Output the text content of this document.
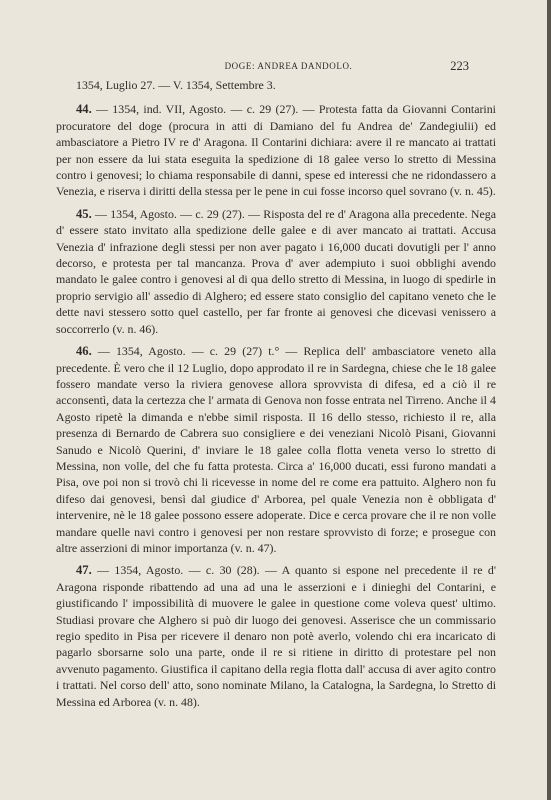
DOGE: ANDREA DANDOLO.	223

1354, Luglio 27. — V. 1354, Settembre 3.

44. — 1354, ind. VII, Agosto. — c. 29 (27). — Protesta fatta da Giovanni Contarini procuratore del doge (procura in atti di Damiano del fu Andrea de' Zandegiulii) ed ambasciatore a Pietro IV re d' Aragona. Il Contarini dichiara: avere il re mancato ai trattati per non essere da lui stata eseguita la spedizione di 18 galee verso lo stretto di Messina contro i genovesi; lo chiama responsabile di danni, spese ed interessi che ne ridondassero a Venezia, e riserva i diritti della stessa per le pene in cui fosse incorso quel sovrano (v. n. 45).

45. — 1354, Agosto. — c. 29 (27). — Risposta del re d' Aragona alla precedente. Nega d' essere stato invitato alla spedizione delle galee e di aver mancato ai trattati. Accusa Venezia d' infrazione degli stessi per non aver pagato i 16,000 ducati dovutigli per l' anno decorso, e protesta per tal mancanza. Prova d' aver adempiuto i suoi obblighi avendo mandato le galee contro i genovesi al di qua dello stretto di Messina, in luogo di spedirle in proprio servigio all' assedio di Alghero; ed essere stato consiglio del capitano veneto che le dette navi stessero sotto quel castello, per far fronte ai genovesi che dicevasi venissero a soccorrerlo (v. n. 46).

46. — 1354, Agosto. — c. 29 (27) t.° — Replica dell' ambasciatore veneto alla precedente. È vero che il 12 Luglio, dopo approdato il re in Sardegna, chiese che le 18 galee fossero mandate verso la riviera genovese allora sprovvista di difesa, ed a ciò il re acconsentì, data la certezza che l' armata di Genova non fosse entrata nel Tirreno. Anche il 4 Agosto ripetè la dimanda e n'ebbe simil risposta. Il 16 dello stesso, richiesto il re, alla presenza di Bernardo de Cabrera suo consigliere e dei veneziani Nicolò Pisani, Giovanni Sanudo e Nicolò Querini, d' inviare le 18 galee colla flotta veneta verso lo stretto di Messina, non volle, del che fu fatta protesta. Circa a' 16,000 ducati, essi furono mandati a Pisa, ove poi non si trovò chi li ricevesse in nome del re come era pattuito. Alghero non fu difeso dai genovesi, bensì dal giudice d' Arborea, pel quale Venezia non è obbligata d' intervenire, nè le 18 galee possono essere adoperate. Dice e cerca provare che il re non volle mandare quelle navi contro i genovesi per non restare sprovvisto di forze; e prosegue con altre asserzioni di minor importanza (v. n. 47).

47. — 1354, Agosto. — c. 30 (28). — A quanto si espone nel precedente il re d' Aragona risponde ribattendo ad una ad una le asserzioni e i dinieghi del Contarini, e giustificando l' impossibilità di muovere le galee in questione come voleva quest' ultimo. Studiasi provare che Alghero si può dir luogo dei genovesi. Asserisce che un commissario regio spedito in Pisa per ricevere il denaro non potè averlo, volendo chi era incaricato di pagarlo sborsarne solo una parte, onde il re si ritiene in diritto di protestare pel non avvenuto pagamento. Giustifica il capitano della regia flotta dall' accusa di aver agito contro i trattati. Nel corso dell' atto, sono nominate Milano, la Catalogna, la Sardegna, lo Stretto di Messina ed Arborea (v. n. 48).
